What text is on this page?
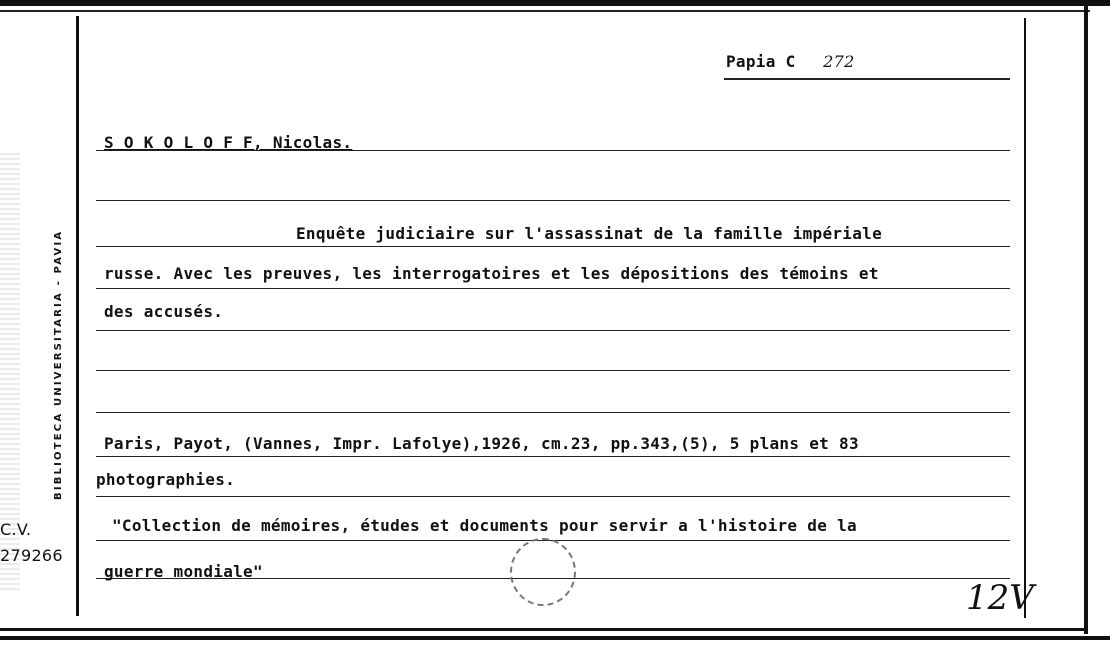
BIBLIOTECA UNIVERSITARIA - PAVIA
C.V.
279266
Papia C 272
S O K O L O F F, Nicolas.
Enquête judiciaire sur l'assassinat de la famille impériale
russe. Avec les preuves, les interrogatoires et les dépositions des témoins et
des accusés.
Paris, Payot, (Vannes, Impr. Lafolye),1926, cm.23, pp.343,(5), 5 plans et 83
photographies.
"Collection de mémoires, études et documents pour servir a l'histoire de la
guerre mondiale"
12V
